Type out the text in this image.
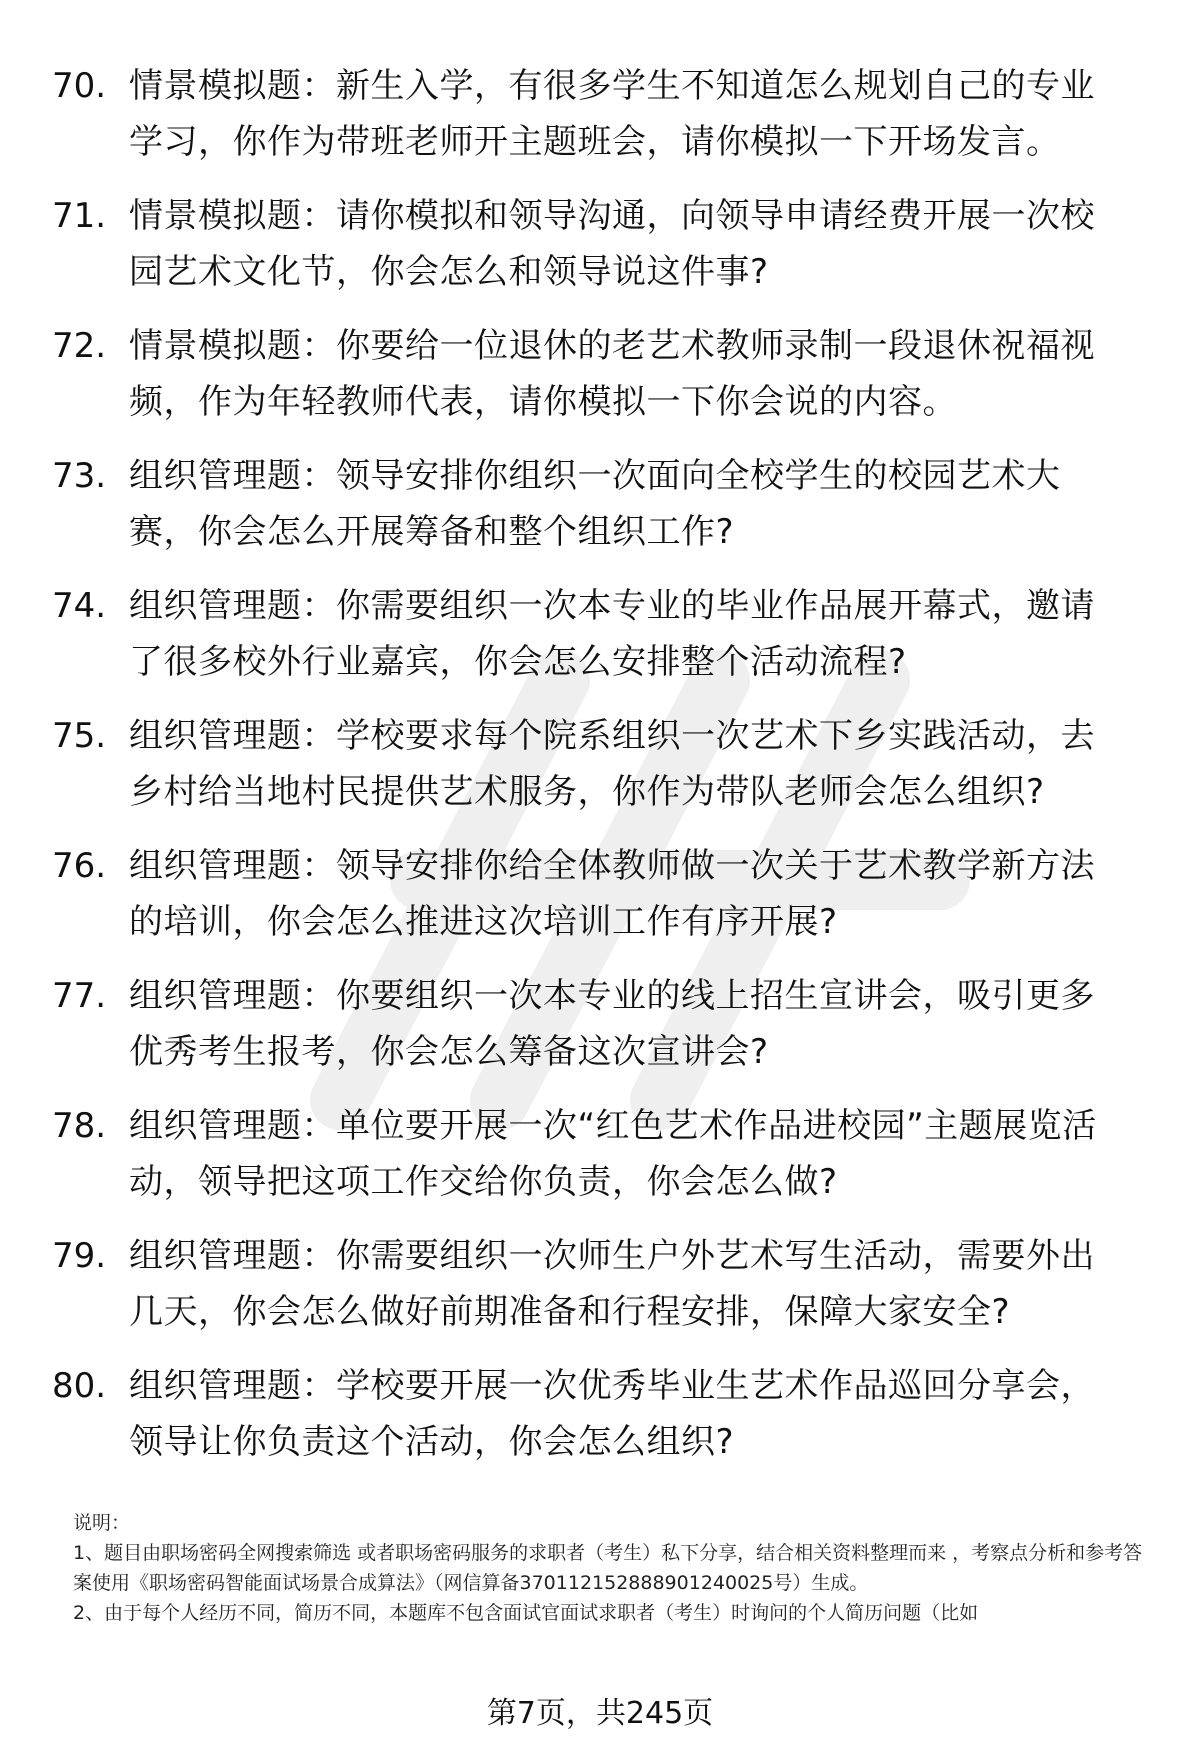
70. 情景模拟题：新生入学，有很多学生不知道怎么规划自己的专业学习，你作为带班老师开主题班会，请你模拟一下开场发言。
71. 情景模拟题：请你模拟和领导沟通，向领导申请经费开展一次校园艺术文化节，你会怎么和领导说这件事?
72. 情景模拟题：你要给一位退休的老艺术教师录制一段退休祝福视频，作为年轻教师代表，请你模拟一下你会说的内容。
73. 组织管理题：领导安排你组织一次面向全校学生的校园艺术大赛，你会怎么开展筹备和整个组织工作?
74. 组织管理题：你需要组织一次本专业的毕业作品展开幕式，邀请了很多校外行业嘉宾，你会怎么安排整个活动流程?
75. 组织管理题：学校要求每个院系组织一次艺术下乡实践活动，去乡村给当地村民提供艺术服务，你作为带队老师会怎么组织?
76. 组织管理题：领导安排你给全体教师做一次关于艺术教学新方法的培训，你会怎么推进这次培训工作有序开展?
77. 组织管理题：你要组织一次本专业的线上招生宣讲会，吸引更多优秀考生报考，你会怎么筹备这次宣讲会?
78. 组织管理题：单位要开展一次“红色艺术作品进校园”主题展览活动，领导把这项工作交给你负责，你会怎么做?
79. 组织管理题：你需要组织一次师生户外艺术写生活动，需要外出几天，你会怎么做好前期准备和行程安排，保障大家安全?
80. 组织管理题：学校要开展一次优秀毕业生艺术作品巡回分享会，领导让你负责这个活动，你会怎么组织?

说明：

1、题目由职场密码全网搜索筛选 或者职场密码服务的求职者（考生）私下分享，结合相关资料整理而来 ，考察点分析和参考答案使用《职场密码智能面试场景合成算法》（网信算备370112152888901240025号）生成。

2、由于每个人经历不同，简历不同，本题库不包含面试官面试求职者（考生）时询问的个人简历问题（比如

第7页，共245页
